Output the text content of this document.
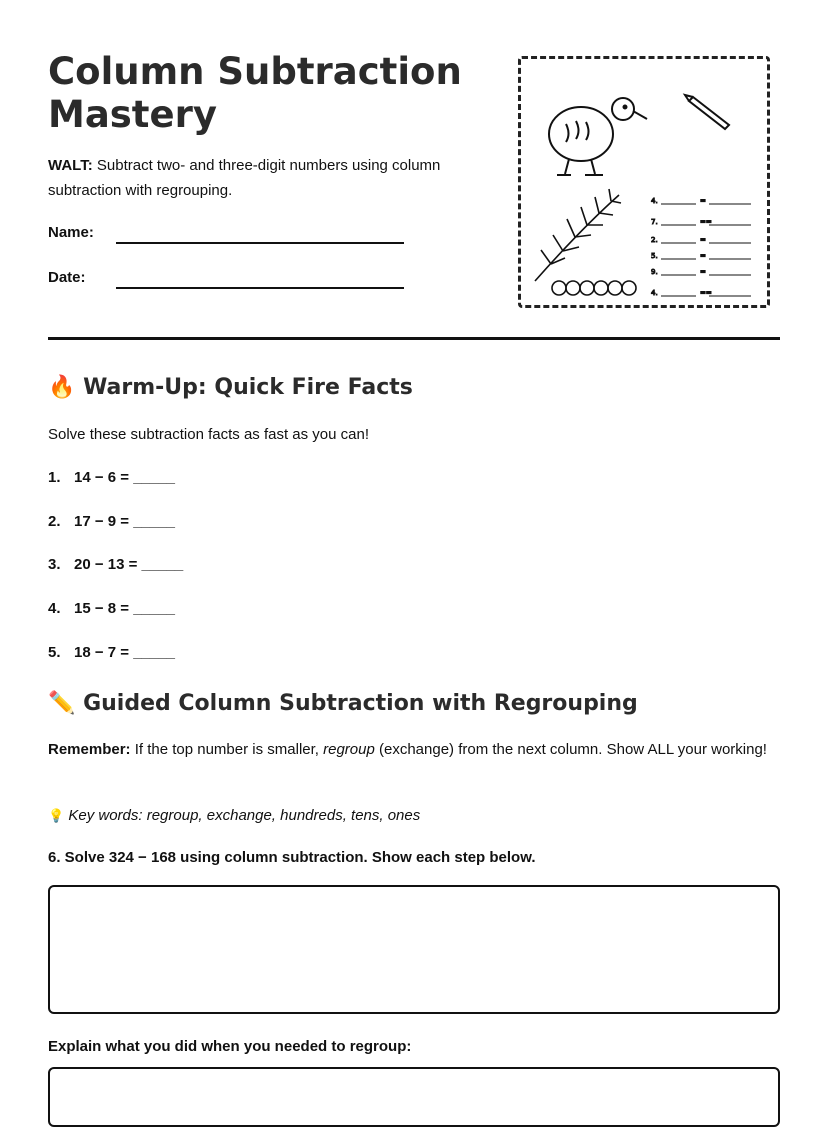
Column Subtraction
Mastery
WALT: Subtract two- and three-digit numbers using column subtraction with regrouping.
Name:
Date:
4.	=
7.	==
2.	=
5.	=
9.	=
4.	==
🔥 Warm-Up: Quick Fire Facts
Solve these subtraction facts as fast as you can!
1. 14 − 6 = _____
2. 17 − 9 = _____
3. 20 − 13 = _____
4. 15 − 8 = _____
5. 18 − 7 = _____
✏️ Guided Column Subtraction with Regrouping
Remember: If the top number is smaller, regroup (exchange) from the next column. Show ALL your working!
💡 Key words: regroup, exchange, hundreds, tens, ones
6. Solve 324 − 168 using column subtraction. Show each step below.
Explain what you did when you needed to regroup:
